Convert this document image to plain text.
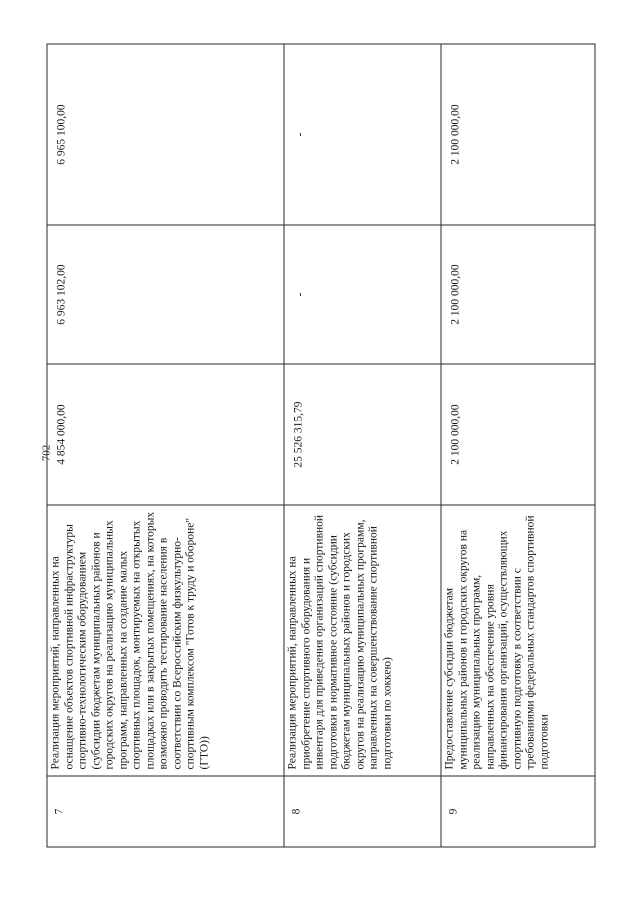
702
7	Реализация мероприятий, направленных на оснащение объектов спортивной инфраструктуры спортивно-технологическим оборудованием (субсидии бюджетам муниципальных районов и городских округов на реализацию муниципальных программ, направленных на создание малых спортивных площадок, монтируемых на открытых площадках или в закрытых помещениях, на которых возможно проводить тестирование населения в соответствии со Всероссийским физкультурно-спортивным комплексом "Готов к труду и обороне" (ГТО))	4 854 000,00	6 963 102,00	6 965 100,00
8	Реализация мероприятий, направленных на приобретение спортивного оборудования и инвентаря для приведения организаций спортивной подготовки в нормативное состояние (субсидии бюджетам муниципальных районов и городских округов на реализацию муниципальных программ, направленных на совершенствование спортивной подготовки по хоккею)	25 526 315,79	-	-
9	Предоставление субсидии бюджетам муниципальных районов и городских округов на реализацию муниципальных программ, направленных на обеспечение уровня финансирования организаций, осуществляющих спортивную подготовку в соответствии с требованиями федеральных стандартов спортивной подготовки	2 100 000,00	2 100 000,00	2 100 000,00
